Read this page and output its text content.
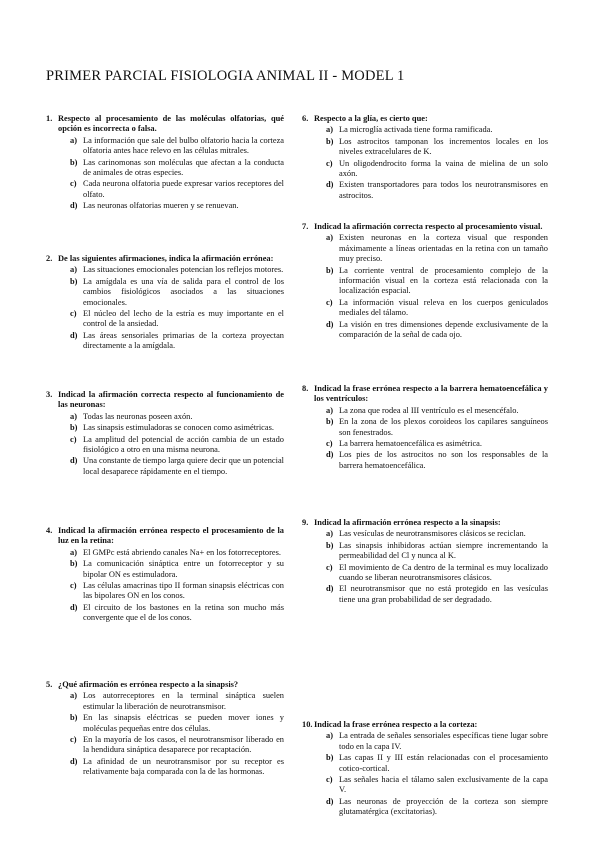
PRIMER PARCIAL FISIOLOGIA ANIMAL II - MODEL 1
1. Respecto al procesamiento de las moléculas olfatorias, qué opción es incorrecta o falsa.
a) La información que sale del bulbo olfatorio hacia la corteza olfatoria antes hace relevo en las células mitrales.
b) Las carinomonas son moléculas que afectan a la conducta de animales de otras especies.
c) Cada neurona olfatoria puede expresar varios receptores del olfato.
d) Las neuronas olfatorias mueren y se renuevan.
2. De las siguientes afirmaciones, indica la afirmación errónea:
a) Las situaciones emocionales potencian los reflejos motores.
b) La amígdala es una vía de salida para el control de los cambios fisiológicos asociados a las situaciones emocionales.
c) El núcleo del lecho de la estría es muy importante en el control de la ansiedad.
d) Las áreas sensoriales primarias de la corteza proyectan directamente a la amígdala.
3. Indicad la afirmación correcta respecto al funcionamiento de las neuronas:
a) Todas las neuronas poseen axón.
b) Las sinapsis estimuladoras se conocen como asimétricas.
c) La amplitud del potencial de acción cambia de un estado fisiológico a otro en una misma neurona.
d) Una constante de tiempo larga quiere decir que un potencial local desaparece rápidamente en el tiempo.
4. Indicad la afirmación errónea respecto el procesamiento de la luz en la retina:
a) El GMPc está abriendo canales Na+ en los fotorreceptores.
b) La comunicación sináptica entre un fotorreceptor y su bipolar ON es estimuladora.
c) Las células amacrinas tipo II forman sinapsis eléctricas con las bipolares ON en los conos.
d) El circuito de los bastones en la retina son mucho más convergente que el de los conos.
5. ¿Qué afirmación es errónea respecto a la sinapsis?
a) Los autorreceptores en la terminal sináptica suelen estimular la liberación de neurotransmisor.
b) En las sinapsis eléctricas se pueden mover iones y moléculas pequeñas entre dos células.
c) En la mayoría de los casos, el neurotransmisor liberado en la hendidura sináptica desaparece por recaptación.
d) La afinidad de un neurotransmisor por su receptor es relativamente baja comparada con la de las hormonas.
6. Respecto a la glía, es cierto que:
a) La microglía activada tiene forma ramificada.
b) Los astrocitos tamponan los incrementos locales en los niveles extracelulares de K.
c) Un oligodendrocito forma la vaina de mielina de un solo axón.
d) Existen transportadores para todos los neurotransmisores en astrocitos.
7. Indicad la afirmación correcta respecto al procesamiento visual.
a) Existen neuronas en la corteza visual que responden máximamente a líneas orientadas en la retina con un tamaño muy preciso.
b) La corriente ventral de procesamiento complejo de la información visual en la corteza está relacionada con la localización espacial.
c) La información visual releva en los cuerpos geniculados mediales del tálamo.
d) La visión en tres dimensiones depende exclusivamente de la comparación de la señal de cada ojo.
8. Indicad la frase errónea respecto a la barrera hematoencefálica y los ventrículos:
a) La zona que rodea al III ventrículo es el mesencéfalo.
b) En la zona de los plexos coroideos los capilares sanguíneos son fenestrados.
c) La barrera hematoencefálica es asimétrica.
d) Los pies de los astrocitos no son los responsables de la barrera hematoencefálica.
9. Indicad la afirmación errónea respecto a la sinapsis:
a) Las vesículas de neurotransmisores clásicos se reciclan.
b) Las sinapsis inhibidoras actúan siempre incrementando la permeabilidad del Cl y nunca al K.
c) El movimiento de Ca dentro de la terminal es muy localizado cuando se liberan neurotransmisores clásicos.
d) El neurotransmisor que no está protegido en las vesículas tiene una gran probabilidad de ser degradado.
10. Indicad la frase errónea respecto a la corteza:
a) La entrada de señales sensoriales específicas tiene lugar sobre todo en la capa IV.
b) Las capas II y III están relacionadas con el procesamiento cotico-cortical.
c) Las señales hacia el tálamo salen exclusivamente de la capa V.
d) Las neuronas de proyección de la corteza son siempre glutamatérgica (excitatorias).
